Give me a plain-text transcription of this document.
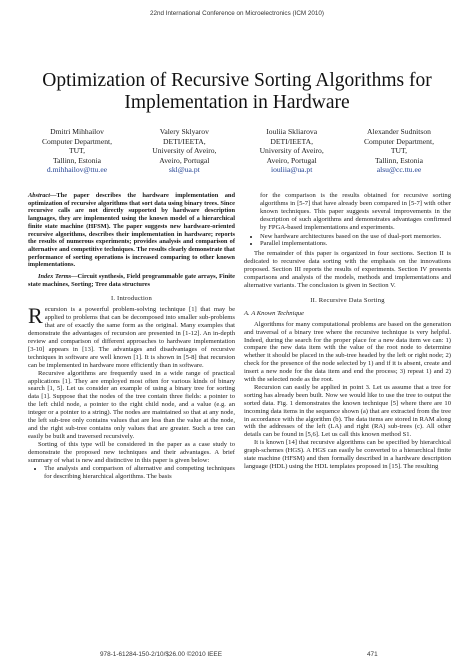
22nd International Conference on Microelectronics (ICM 2010)
Optimization of Recursive Sorting Algorithms for
Implementation in Hardware
Dmitri Mihhailov
Computer Department,
TUT,
Tallinn, Estonia
d.mihhailov@ttu.ee
Valery Sklyarov
DETI/IEETA,
University of Aveiro,
Aveiro, Portugal
skl@ua.pt
Iouliia Skliarova
DETI/IEETA,
University of Aveiro,
Aveiro, Portugal
iouliia@ua.pt
Alexander Sudnitson
Computer Department,
TUT,
Tallinn, Estonia
alsu@cc.ttu.ee

Abstract—The paper describes the hardware implementation and optimization of recursive algorithms that sort data using binary trees. Since recursive calls are not directly supported by hardware description languages, they are implemented using the known model of a hierarchical finite state machine (HFSM). The paper suggests new hardware-oriented recursive algorithms, describes their implementation in hardware; reports the results of numerous experiments; provides analysis and comparison of alternative and competitive techniques. The results clearly demonstrate that performance of sorting operations is increased comparing to other known implementations.

Index Terms—Circuit synthesis, Field programmable gate arrays, Finite state machines, Sorting; Tree data structures

I. Introduction

Recursion is a powerful problem-solving technique [1] that may be applied to problems that can be decomposed into smaller sub-problems that are of exactly the same form as the original. Many examples that demonstrate the advantages of recursion are presented in [1-12]. An in-depth review and comparison of different approaches to hardware implementation [3-10] appears in [13]. The advantages and disadvantages of recursive techniques in software are well known [1]. It is shown in [5-8] that recursion can be implemented in hardware more efficiently than in software.

Recursive algorithms are frequently used in a wide range of practical applications [1]. They are employed most often for various kinds of binary search [1, 5]. Let us consider an example of using a binary tree for sorting data [1]. Suppose that the nodes of the tree contain three fields: a pointer to the left child node, a pointer to the right child node, and a value (e.g. an integer or a pointer to a string). The nodes are maintained so that at any node, the left sub-tree only contains values that are less than the value at the node, and the right sub-tree contains only values that are greater. Such a tree can easily be built and traversed recursively.

Sorting of this type will be considered in the paper as a case study to demonstrate the proposed new techniques and their advantages. A brief summary of what is new and distinctive in this paper is given below:

• The analysis and comparison of alternative and competing techniques for describing hierarchical algorithms. The basis

for the comparison is the results obtained for recursive sorting algorithms in [5-7] that have already been compared in [5-7] with other known techniques. This paper suggests several improvements in the description of such algorithms and demonstrates advantages confirmed by FPGA-based implementations and experiments.

• New hardware architectures based on the use of dual-port memories.
• Parallel implementations.

The remainder of this paper is organized in four sections. Section II is dedicated to recursive data sorting with the emphasis on the innovations proposed. Section III reports the results of experiments. Section IV presents comparisons and analysis of the models, methods and implementations and alternative variants. The conclusion is given in Section V.

II. Recursive Data Sorting
A. A Known Technique

Algorithms for many computational problems are based on the generation and traversal of a binary tree where the recursive technique is very helpful. Indeed, during the search for the proper place for a new data item we can: 1) compare the new data item with the value of the root node to determine whether it should be placed in the sub-tree headed by the left or right node; 2) check for the presence of the node selected by 1) and if it is absent, create and insert a new node for the data item and end the process; 3) repeat 1) and 2) with the selected node as the root.

Recursion can easily be applied in point 3. Let us assume that a tree for sorting has already been built. Now we would like to use the tree to output the sorted data. Fig. 1 demonstrates the known technique [5] where there are 10 incoming data items in the sequence shown (a) that are extracted from the tree in accordance with the algorithm (b). The data items are stored in RAM along with the addresses of the left (LA) and right (RA) sub-trees (c). All other details can be found in [5,6]. Let us call this known method S1.

It is known [14] that recursive algorithms can be specified by hierarchical graph-schemes (HGS). A HGS can easily be converted to a hierarchical finite state machine (HFSM) and then formally described in a hardware description language (HDL) using the HDL templates proposed in [15]. The resulting

978-1-61284-150-2/10/$26.00 ©2010 IEEE	471
